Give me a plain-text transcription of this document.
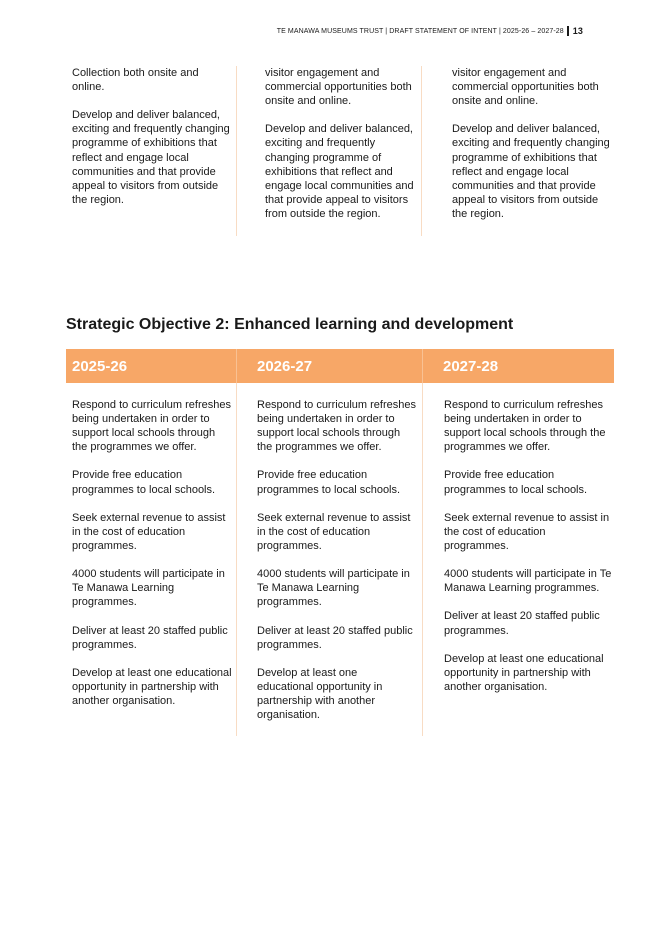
TE MANAWA MUSEUMS TRUST | DRAFT STATEMENT OF INTENT | 2025-26 – 2027-28 13

Collection both onsite and online.

Develop and deliver balanced, exciting and frequently changing programme of exhibitions that reflect and engage local communities and that provide appeal to visitors from outside the region.

visitor engagement and commercial opportunities both onsite and online.

Develop and deliver balanced, exciting and frequently changing programme of exhibitions that reflect and engage local communities and that provide appeal to visitors from outside the region.

visitor engagement and commercial opportunities both onsite and online.

Develop and deliver balanced, exciting and frequently changing programme of exhibitions that reflect and engage local communities and that provide appeal to visitors from outside the region.

Strategic Objective 2: Enhanced learning and development
2025-26	2026-27	2027-28

Respond to curriculum refreshes being undertaken in order to support local schools through the programmes we offer.

Provide free education programmes to local schools.

Seek external revenue to assist in the cost of education programmes.

4000 students will participate in Te Manawa Learning programmes.

Deliver at least 20 staffed public programmes.

Develop at least one educational opportunity in partnership with another organisation.

Respond to curriculum refreshes being undertaken in order to support local schools through the programmes we offer.

Provide free education programmes to local schools.

Seek external revenue to assist in the cost of education programmes.

4000 students will participate in Te Manawa Learning programmes.

Deliver at least 20 staffed public programmes.

Develop at least one educational opportunity in partnership with another organisation.

Respond to curriculum refreshes being undertaken in order to support local schools through the programmes we offer.

Provide free education programmes to local schools.

Seek external revenue to assist in the cost of education programmes.

4000 students will participate in Te Manawa Learning programmes.

Deliver at least 20 staffed public programmes.

Develop at least one educational opportunity in partnership with another organisation.
